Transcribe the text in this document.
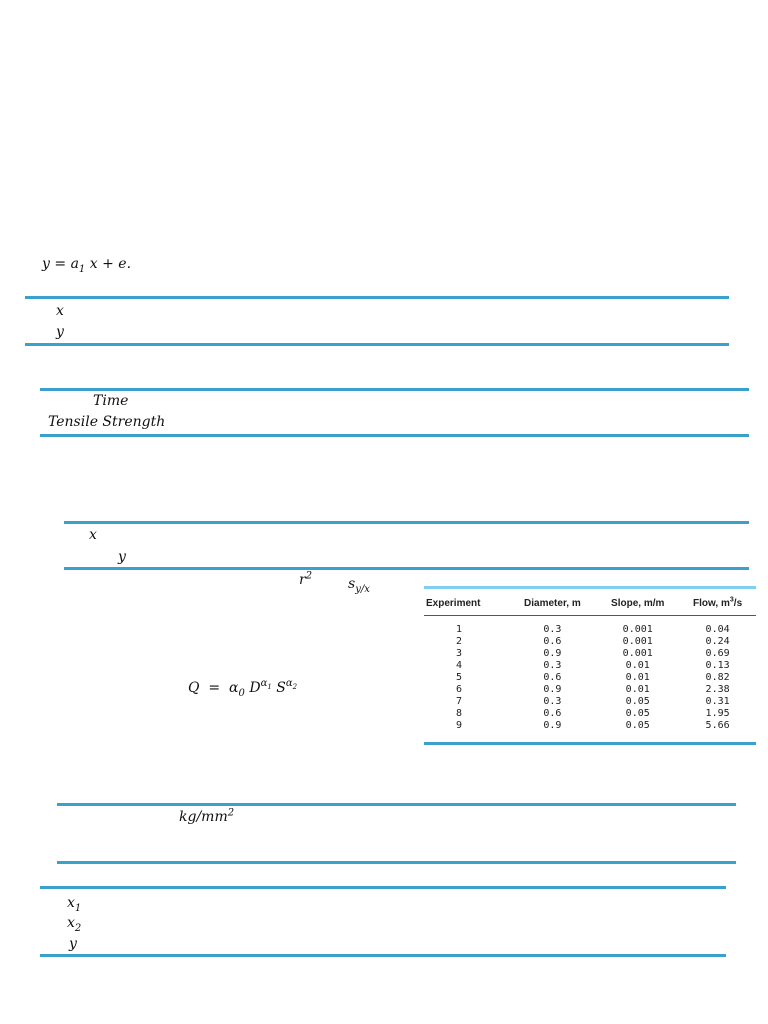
$y = a_1$ x + e.
x
y
Time
Tensile Strength
x
y
$r^2$
$s_{y/x}$
$Q = \alpha_0$ $D^{\alpha_1}$ $S^{\alpha_2}$
Experiment	Diameter, m	Slope, m/m	Flow, $m^3/s$
1	0.3	0.001	0.04
2	0.6	0.001	0.24
3	0.9	0.001	0.69
4	0.3	0.01	0.13
5	0.6	0.01	0.82
6	0.9	0.01	2.38
7	0.3	0.05	0.31
8	0.6	0.05	1.95
9	0.9	0.05	5.66
$kg/mm^2$
$x_1$
$x_2$
y
